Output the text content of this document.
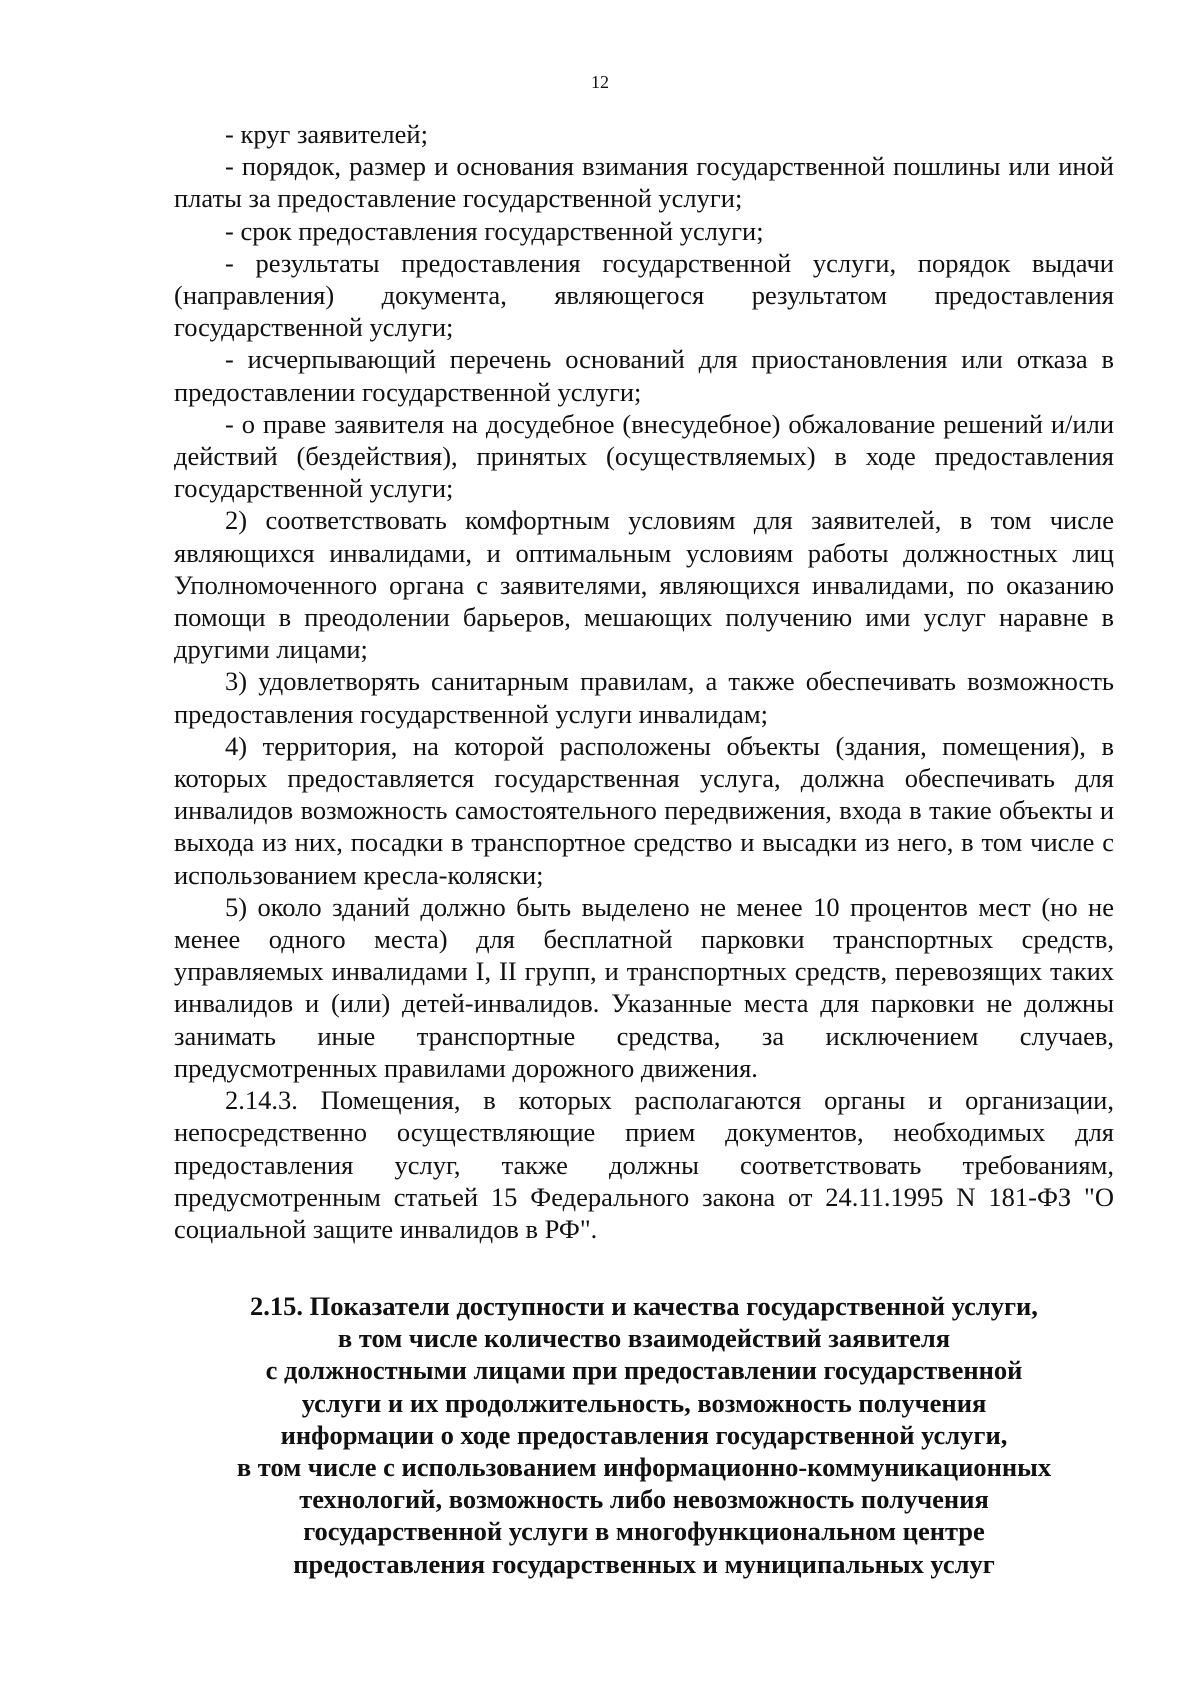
12

- круг заявителей;

- порядок, размер и основания взимания государственной пошлины или иной платы за предоставление государственной услуги;

- срок предоставления государственной услуги;

- результаты предоставления государственной услуги, порядок выдачи (направления) документа, являющегося результатом предоставления государственной услуги;

- исчерпывающий перечень оснований для приостановления или отказа в предоставлении государственной услуги;

- о праве заявителя на досудебное (внесудебное) обжалование решений и/или действий (бездействия), принятых (осуществляемых) в ходе предоставления государственной услуги;

2) соответствовать комфортным условиям для заявителей, в том числе являющихся инвалидами, и оптимальным условиям работы должностных лиц Уполномоченного органа с заявителями, являющихся инвалидами, по оказанию помощи в преодолении барьеров, мешающих получению ими услуг наравне в другими лицами;

3) удовлетворять санитарным правилам, а также обеспечивать возможность предоставления государственной услуги инвалидам;

4) территория, на которой расположены объекты (здания, помещения), в которых предоставляется государственная услуга, должна обеспечивать для инвалидов возможность самостоятельного передвижения, входа в такие объекты и выхода из них, посадки в транспортное средство и высадки из него, в том числе с использованием кресла-коляски;

5) около зданий должно быть выделено не менее 10 процентов мест (но не менее одного места) для бесплатной парковки транспортных средств, управляемых инвалидами I, II групп, и транспортных средств, перевозящих таких инвалидов и (или) детей-инвалидов. Указанные места для парковки не должны занимать иные транспортные средства, за исключением случаев, предусмотренных правилами дорожного движения.

2.14.3. Помещения, в которых располагаются органы и организации, непосредственно осуществляющие прием документов, необходимых для предоставления услуг, также должны соответствовать требованиям, предусмотренным статьей 15 Федерального закона от 24.11.1995 N 181-ФЗ "О социальной защите инвалидов в РФ".

2.15. Показатели доступности и качества государственной услуги,
в том числе количество взаимодействий заявителя
с должностными лицами при предоставлении государственной
услуги и их продолжительность, возможность получения
информации о ходе предоставления государственной услуги,
в том числе с использованием информационно-коммуникационных
технологий, возможность либо невозможность получения
государственной услуги в многофункциональном центре
предоставления государственных и муниципальных услуг
